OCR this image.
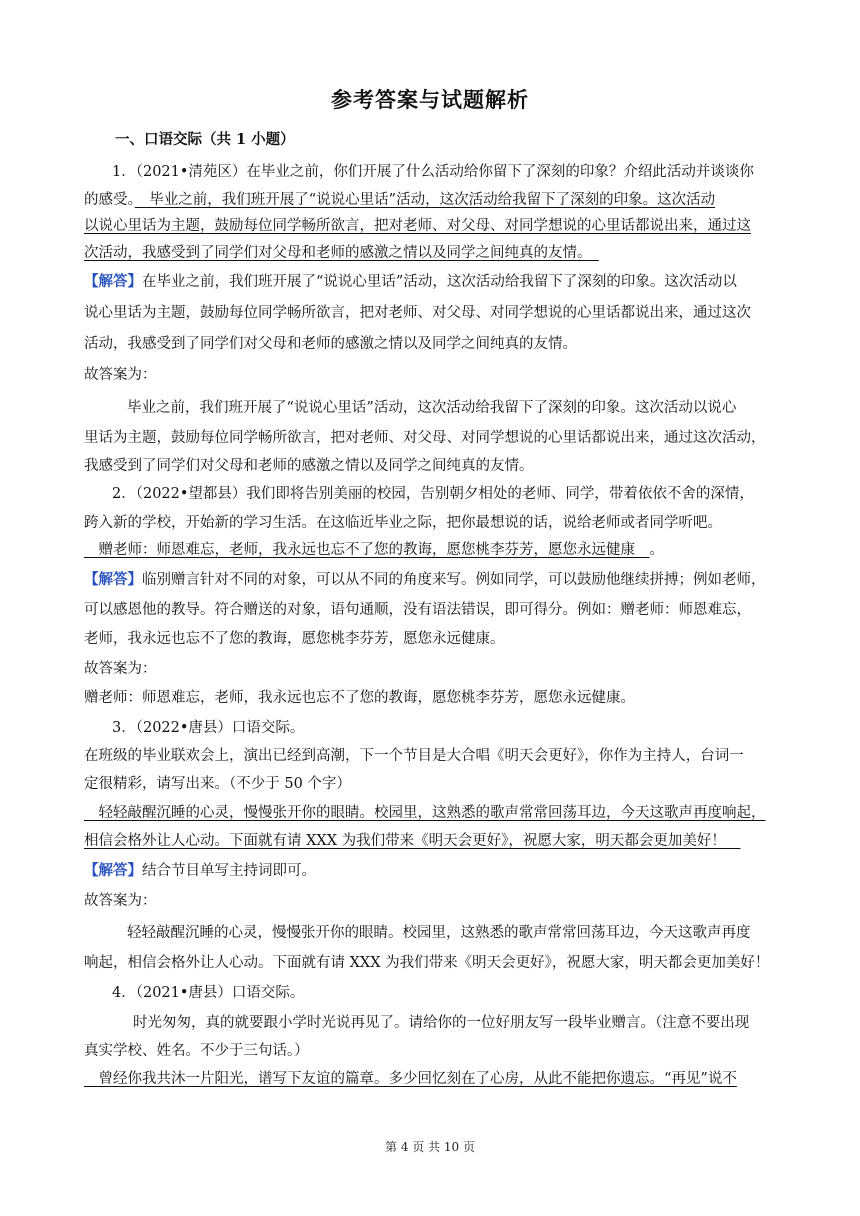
参考答案与试题解析
一、口语交际（共 1 小题）
1．（2021•清苑区）在毕业之前，你们开展了什么活动给你留下了深刻的印象？介绍此活动并谈谈你
的感受。　毕业之前，我们班开展了“说说心里话”活动，这次活动给我留下了深刻的印象。这次活动
以说心里话为主题，鼓励每位同学畅所欲言，把对老师、对父母、对同学想说的心里话都说出来，通过这
次活动，我感受到了同学们对父母和老师的感激之情以及同学之间纯真的友情。　
【解答】在毕业之前，我们班开展了“说说心里话”活动，这次活动给我留下了深刻的印象。这次活动以
说心里话为主题，鼓励每位同学畅所欲言，把对老师、对父母、对同学想说的心里话都说出来，通过这次
活动，我感受到了同学们对父母和老师的感激之情以及同学之间纯真的友情。
故答案为：
毕业之前，我们班开展了“说说心里话”活动，这次活动给我留下了深刻的印象。这次活动以说心
里话为主题，鼓励每位同学畅所欲言，把对老师、对父母、对同学想说的心里话都说出来，通过这次活动，
我感受到了同学们对父母和老师的感激之情以及同学之间纯真的友情。
2．（2022•望都县）我们即将告别美丽的校园，告别朝夕相处的老师、同学，带着依依不舍的深情，
跨入新的学校，开始新的学习生活。在这临近毕业之际，把你最想说的话，说给老师或者同学听吧。
　赠老师：师恩难忘，老师，我永远也忘不了您的教诲，愿您桃李芬芳，愿您永远健康　。
【解答】临别赠言针对不同的对象，可以从不同的角度来写。例如同学，可以鼓励他继续拼搏；例如老师，
可以感恩他的教导。符合赠送的对象，语句通顺，没有语法错误，即可得分。例如：赠老师：师恩难忘，
老师，我永远也忘不了您的教诲，愿您桃李芬芳，愿您永远健康。
故答案为：
赠老师：师恩难忘，老师，我永远也忘不了您的教诲，愿您桃李芬芳，愿您永远健康。
3．（2022•唐县）口语交际。
在班级的毕业联欢会上，演出已经到高潮，下一个节目是大合唱《明天会更好》，你作为主持人，台词一
定很精彩，请写出来。（不少于 50 个字）
　轻轻敲醒沉睡的心灵，慢慢张开你的眼睛。校园里，这熟悉的歌声常常回荡耳边，今天这歌声再度响起，
相信会格外让人心动。下面就有请 XXX 为我们带来《明天会更好》，祝愿大家，明天都会更加美好！　
【解答】结合节目单写主持词即可。
故答案为：
轻轻敲醒沉睡的心灵，慢慢张开你的眼睛。校园里，这熟悉的歌声常常回荡耳边，今天这歌声再度
响起，相信会格外让人心动。下面就有请 XXX 为我们带来《明天会更好》，祝愿大家，明天都会更加美好！
4．（2021•唐县）口语交际。
时光匆匆，真的就要跟小学时光说再见了。请给你的一位好朋友写一段毕业赠言。（注意不要出现
真实学校、姓名。不少于三句话。）
　曾经你我共沐一片阳光，谱写下友谊的篇章。多少回忆刻在了心房，从此不能把你遗忘。“再见”说不
第 4 页 共 10 页
